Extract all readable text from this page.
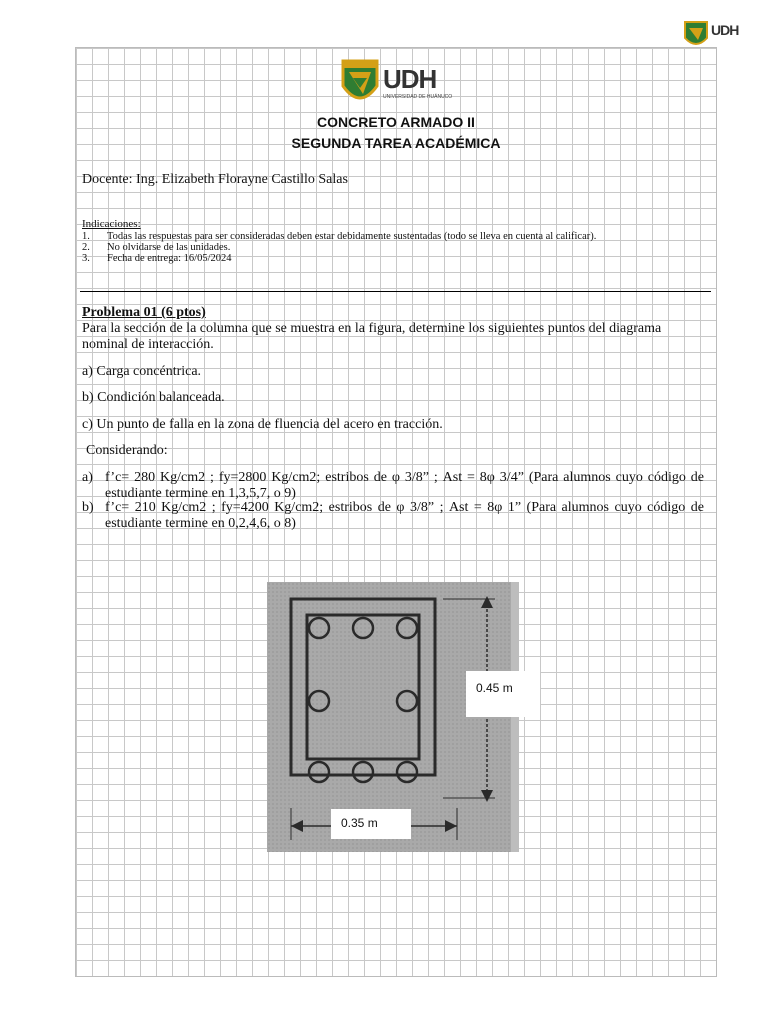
UDH
UDH
UNIVERSIDAD DE HUÁNUCO
CONCRETO ARMADO II
SEGUNDA TAREA ACADÉMICA
Docente: Ing. Elizabeth Florayne Castillo Salas
Indicaciones:
1.	Todas las respuestas para ser consideradas deben estar debidamente sustentadas (todo se lleva en cuenta al calificar).
2.	No olvidarse de las unidades.
3.	Fecha de entrega: 16/05/2024
Problema 01 (6 ptos)
Para la sección de la columna que se muestra en la figura, determine los siguientes puntos del diagrama nominal de interacción.
a) Carga concéntrica.
b) Condición balanceada.
c) Un punto de falla en la zona de fluencia del acero en tracción.
Considerando:
a) f’c= 280 Kg/cm2 ; fy=2800 Kg/cm2; estribos de φ 3/8” ; Ast = 8φ 3/4” (Para alumnos cuyo código de estudiante termine en 1,3,5,7, o 9)
b) f’c= 210 Kg/cm2 ; fy=4200 Kg/cm2; estribos de φ 3/8” ; Ast = 8φ 1” (Para alumnos cuyo código de estudiante termine en 0,2,4,6, o 8)
0.45 m
0.35 m
